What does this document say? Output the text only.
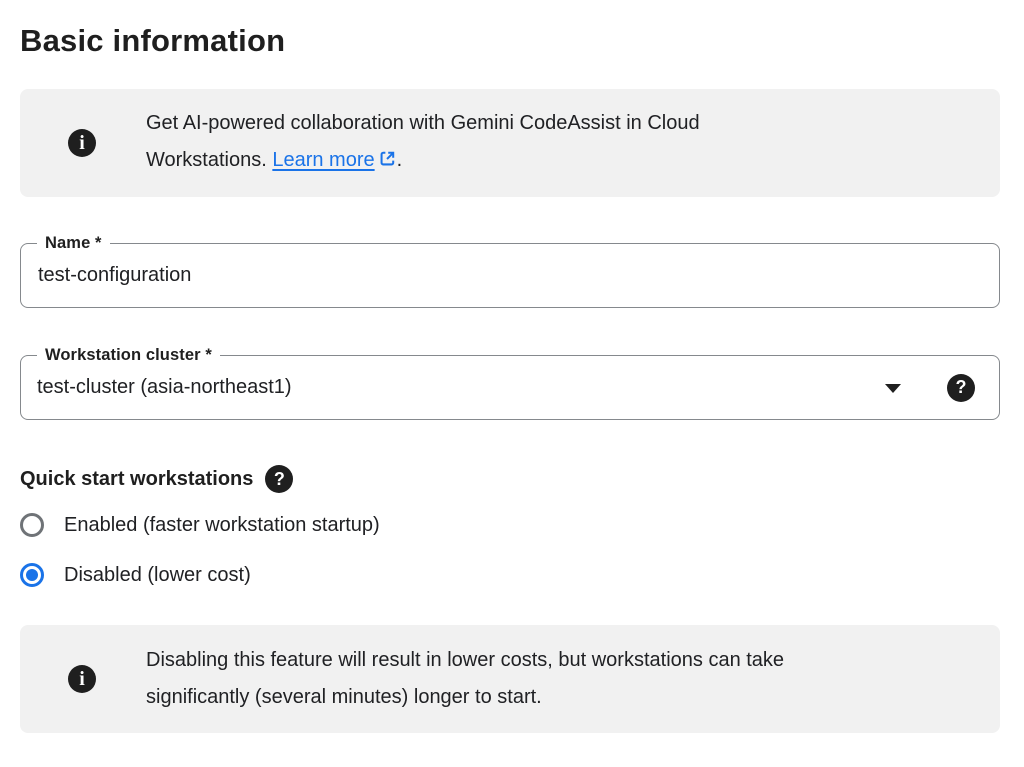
Basic information
i
Get AI-powered collaboration with Gemini CodeAssist in Cloud
Workstations. Learn more .
Name *
test-configuration
Workstation cluster *
test-cluster (asia-northeast1)	?
Quick start workstations	?
Enabled (faster workstation startup)
Disabled (lower cost)
i
Disabling this feature will result in lower costs, but workstations can take
significantly (several minutes) longer to start.
